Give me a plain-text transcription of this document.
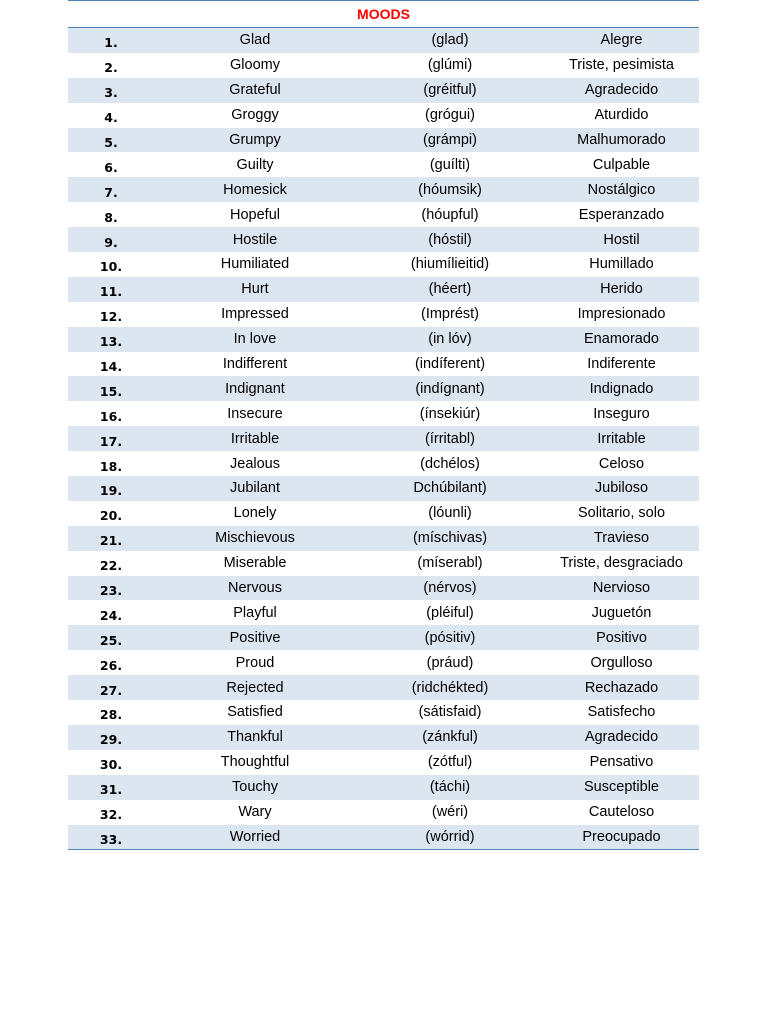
MOODS
1.	Glad	(glad)	Alegre
2.	Gloomy	(glúmi)	Triste, pesimista
3.	Grateful	(gréitful)	Agradecido
4.	Groggy	(grógui)	Aturdido
5.	Grumpy	(grámpi)	Malhumorado
6.	Guilty	(guílti)	Culpable
7.	Homesick	(hóumsik)	Nostálgico
8.	Hopeful	(hóupful)	Esperanzado
9.	Hostile	(hóstil)	Hostil
10.	Humiliated	(hiumílieitid)	Humillado
11.	Hurt	(héert)	Herido
12.	Impressed	(Imprést)	Impresionado
13.	In love	(in lóv)	Enamorado
14.	Indifferent	(indíferent)	Indiferente
15.	Indignant	(indígnant)	Indignado
16.	Insecure	(ínsekiúr)	Inseguro
17.	Irritable	(írritabl)	Irritable
18.	Jealous	(dchélos)	Celoso
19.	Jubilant	Dchúbilant)	Jubiloso
20.	Lonely	(lóunli)	Solitario, solo
21.	Mischievous	(míschivas)	Travieso
22.	Miserable	(míserabl)	Triste, desgraciado
23.	Nervous	(nérvos)	Nervioso
24.	Playful	(pléiful)	Juguetón
25.	Positive	(pósitiv)	Positivo
26.	Proud	(práud)	Orgulloso
27.	Rejected	(ridchékted)	Rechazado
28.	Satisfied	(sátisfaid)	Satisfecho
29.	Thankful	(zánkful)	Agradecido
30.	Thoughtful	(zótful)	Pensativo
31.	Touchy	(táchi)	Susceptible
32.	Wary	(wéri)	Cauteloso
33.	Worried	(wórrid)	Preocupado
